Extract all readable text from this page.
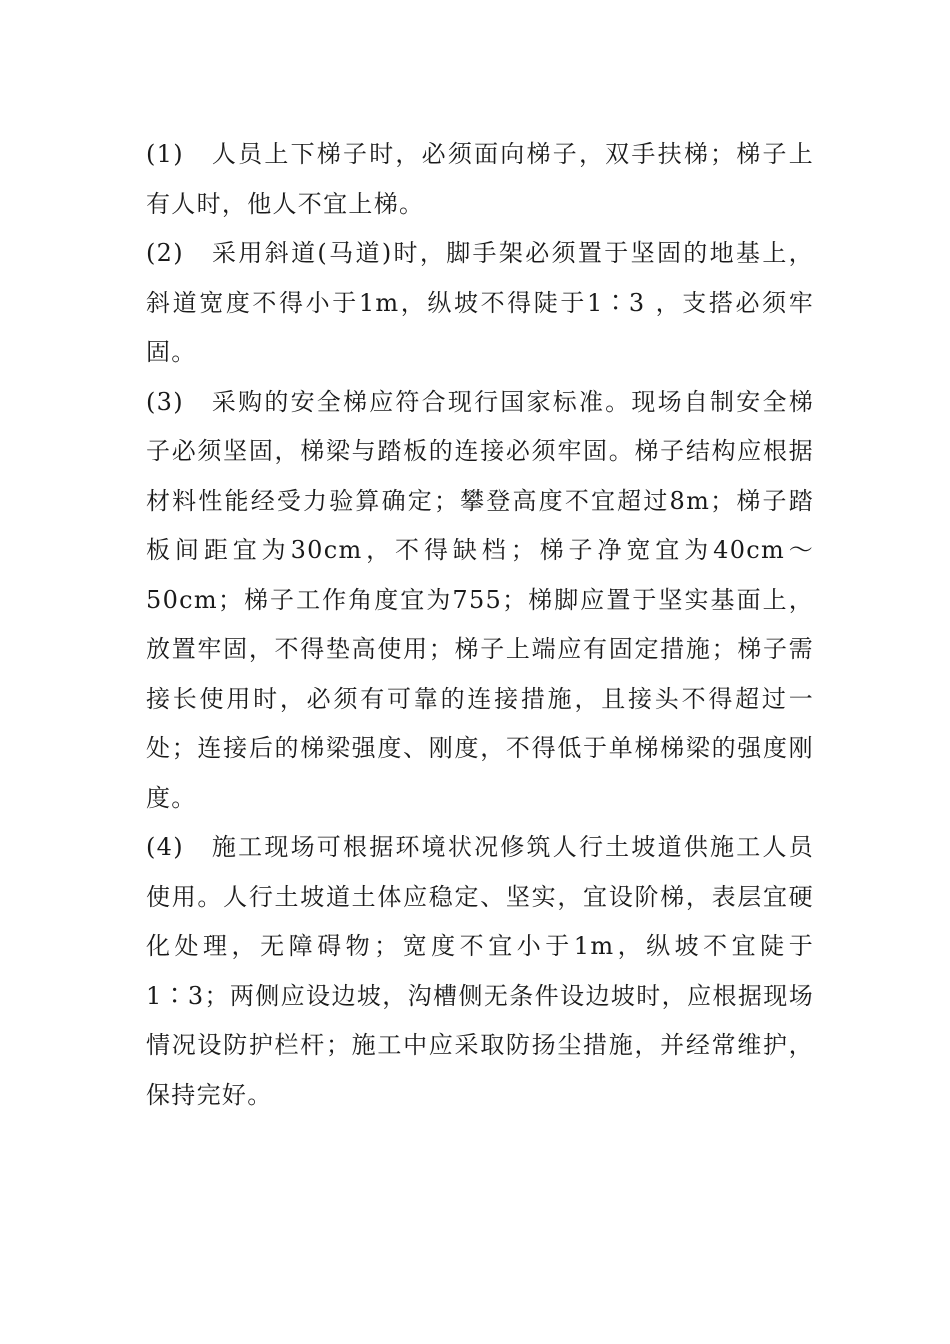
(1) 人员上下梯子时，必须面向梯子，双手扶梯；梯子上有人时，他人不宜上梯。

(2) 采用斜道(马道)时，脚手架必须置于坚固的地基上，斜道宽度不得小于1m，纵坡不得陡于1∶3 ，支搭必须牢固。

(3) 采购的安全梯应符合现行国家标准。现场自制安全梯子必须坚固，梯梁与踏板的连接必须牢固。梯子结构应根据材料性能经受力验算确定；攀登高度不宜超过8m；梯子踏板间距宜为30cm，不得缺档；梯子净宽宜为40cm～50cm；梯子工作角度宜为755；梯脚应置于坚实基面上，放置牢固，不得垫高使用；梯子上端应有固定措施；梯子需接长使用时，必须有可靠的连接措施，且接头不得超过一处；连接后的梯梁强度、刚度，不得低于单梯梯梁的强度刚度。

(4) 施工现场可根据环境状况修筑人行土坡道供施工人员使用。人行土坡道土体应稳定、坚实，宜设阶梯，表层宜硬化处理，无障碍物；宽度不宜小于1m，纵坡不宜陡于1∶3；两侧应设边坡，沟槽侧无条件设边坡时，应根据现场情况设防护栏杆；施工中应采取防扬尘措施，并经常维护，保持完好。
